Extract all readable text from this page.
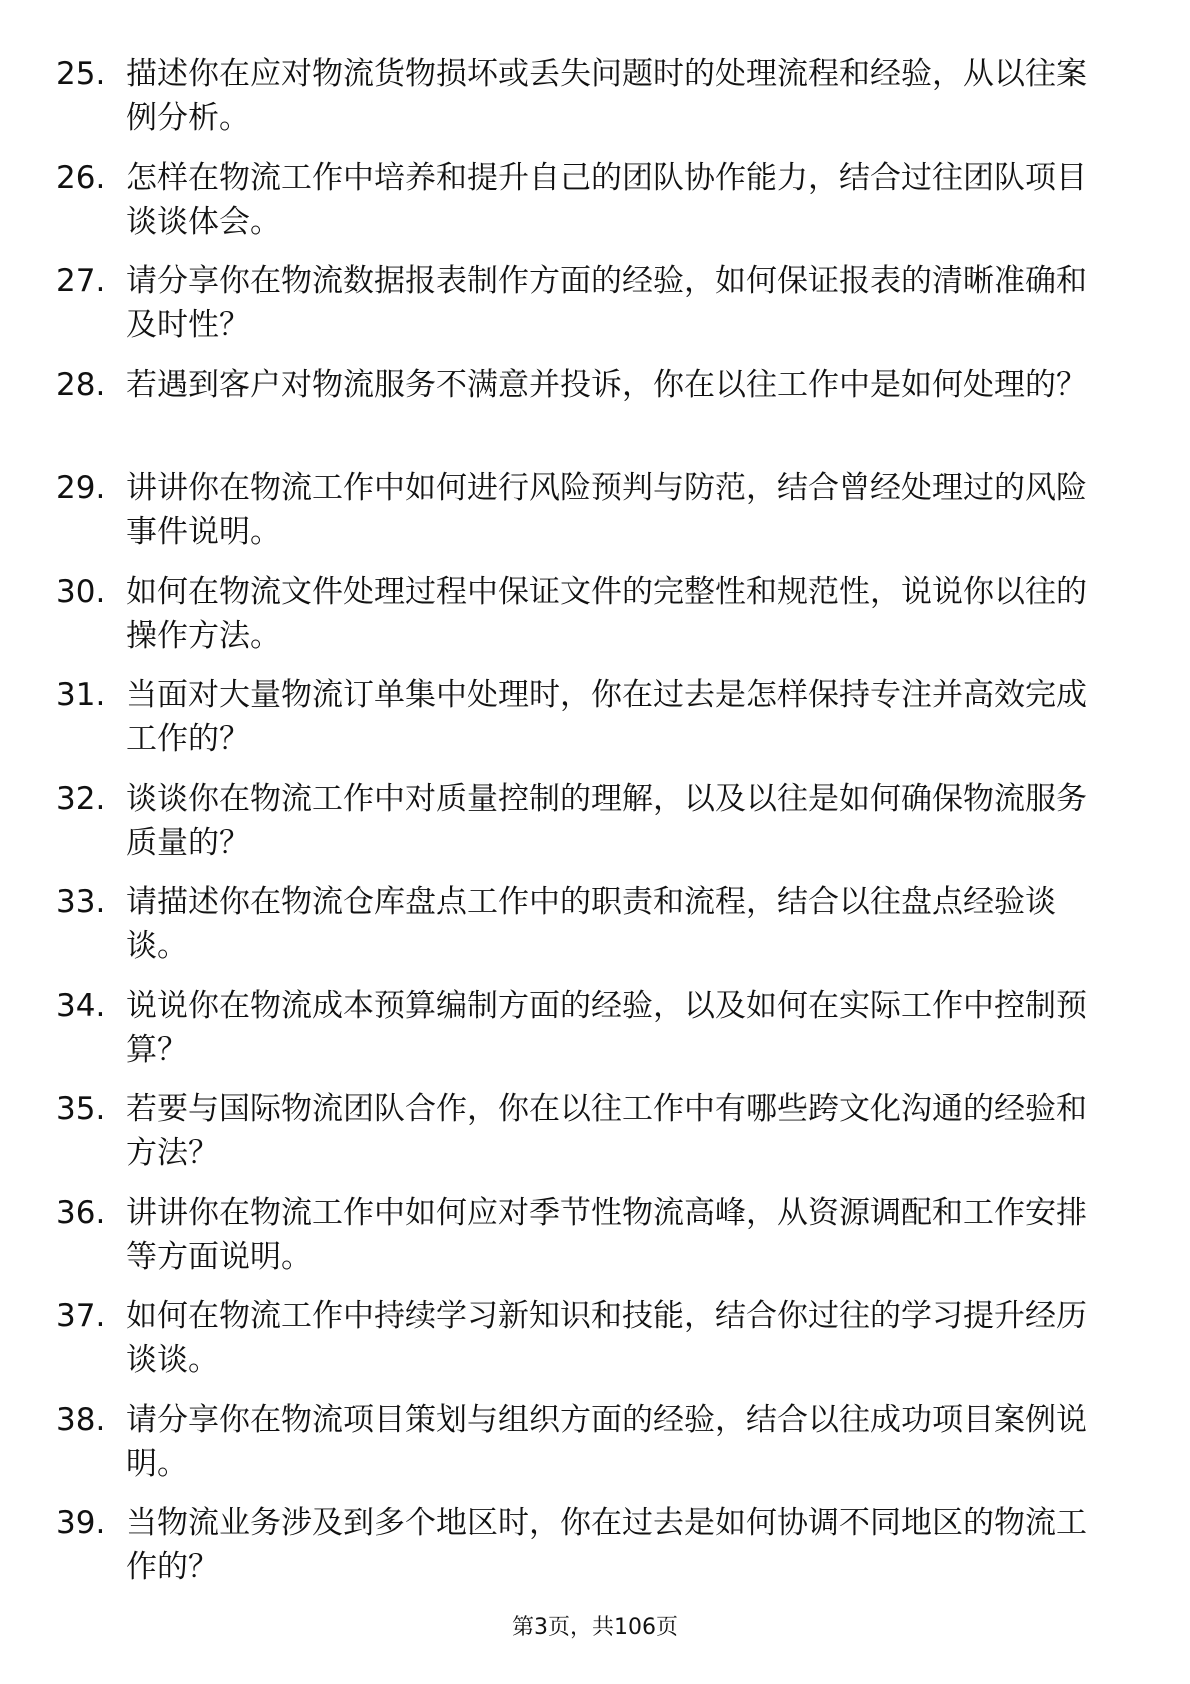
25. 描述你在应对物流货物损坏或丢失问题时的处理流程和经验，从以往案例分析。
26. 怎样在物流工作中培养和提升自己的团队协作能力，结合过往团队项目谈谈体会。
27. 请分享你在物流数据报表制作方面的经验，如何保证报表的清晰准确和及时性？
28. 若遇到客户对物流服务不满意并投诉，你在以往工作中是如何处理的？
29. 讲讲你在物流工作中如何进行风险预判与防范，结合曾经处理过的风险事件说明。
30. 如何在物流文件处理过程中保证文件的完整性和规范性，说说你以往的操作方法。
31. 当面对大量物流订单集中处理时，你在过去是怎样保持专注并高效完成工作的？
32. 谈谈你在物流工作中对质量控制的理解，以及以往是如何确保物流服务质量的？
33. 请描述你在物流仓库盘点工作中的职责和流程，结合以往盘点经验谈谈。
34. 说说你在物流成本预算编制方面的经验，以及如何在实际工作中控制预算？
35. 若要与国际物流团队合作，你在以往工作中有哪些跨文化沟通的经验和方法？
36. 讲讲你在物流工作中如何应对季节性物流高峰，从资源调配和工作安排等方面说明。
37. 如何在物流工作中持续学习新知识和技能，结合你过往的学习提升经历谈谈。
38. 请分享你在物流项目策划与组织方面的经验，结合以往成功项目案例说明。
39. 当物流业务涉及到多个地区时，你在过去是如何协调不同地区的物流工作的？
第3页，共106页
